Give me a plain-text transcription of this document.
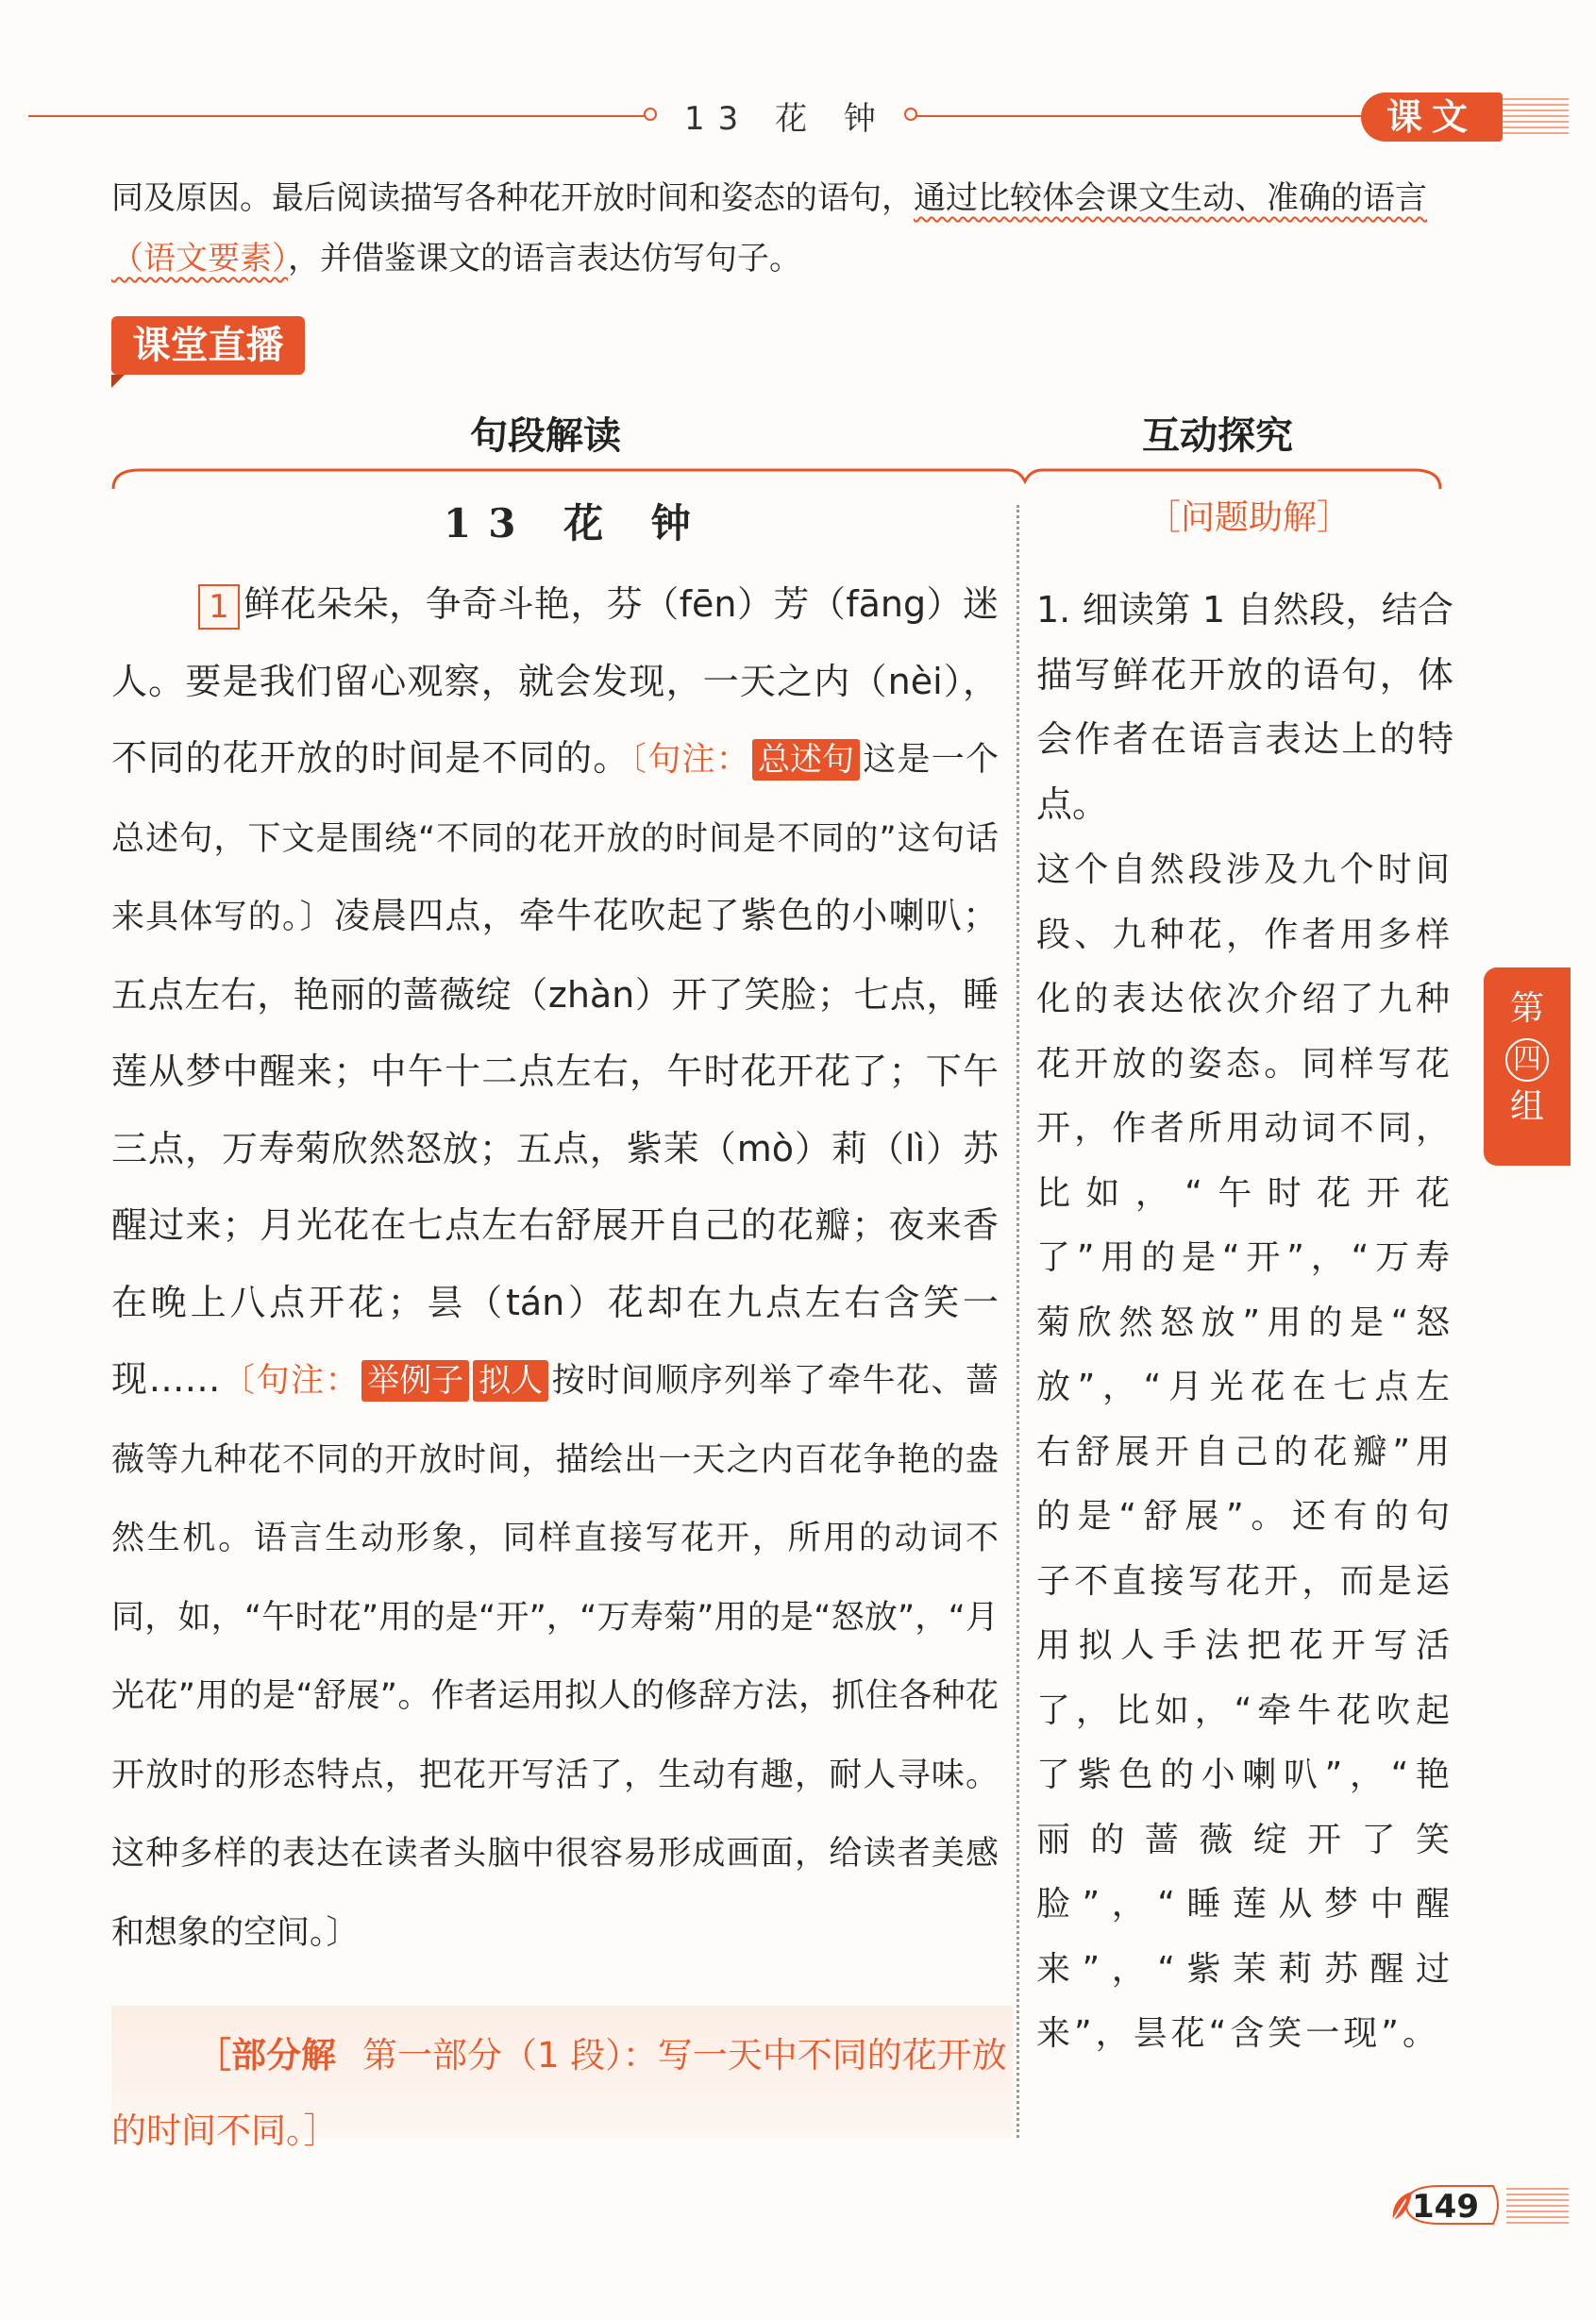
13 花 钟	课文
同及原因。最后阅读描写各种花开放时间和姿态的语句，通过比较体会课文生动、准确的语言
（语文要素），并借鉴课文的语言表达仿写句子。
课堂直播
句段解读	互动探究
13 花 钟
1 鲜花朵朵，争奇斗艳，芬（fēn）芳（fāng）迷人。要是我们留心观察，就会发现，一天之内（nèi），不同的花开放的时间是不同的。〔句注： 总述句 这是一个总述句，下文是围绕“不同的花开放的时间是不同的”这句话来具体写的。〕凌晨四点，牵牛花吹起了紫色的小喇叭；五点左右，艳丽的蔷薇绽（zhàn）开了笑脸；七点，睡莲从梦中醒来；中午十二点左右，午时花开花了；下午三点，万寿菊欣然怒放；五点，紫茉（mò）莉（lì）苏醒过来；月光花在七点左右舒展开自己的花瓣；夜来香在晚上八点开花；昙（tán）花却在九点左右含笑一现……〔句注： 举例子 拟人 按时间顺序列举了牵牛花、蔷薇等九种花不同的开放时间，描绘出一天之内百花争艳的盎然生机。语言生动形象，同样直接写花开，所用的动词不同，如，“午时花”用的是“开”，“万寿菊”用的是“怒放”，“月光花”用的是“舒展”。作者运用拟人的修辞方法，抓住各种花开放时的形态特点，把花开写活了，生动有趣，耐人寻味。这种多样的表达在读者头脑中很容易形成画面，给读者美感和想象的空间。〕
［部分解 第一部分（1 段）：写一天中不同的花开放的时间不同。］
［问题助解］
1. 细读第 1 自然段，结合描写鲜花开放的语句，体会作者在语言表达上的特点。
这个自然段涉及九个时间段、九种花，作者用多样化的表达依次介绍了九种花开放的姿态。同样写花开，作者所用动词不同，比如，“午时花开花了”用的是“开”，“万寿菊欣然怒放”用的是“怒放”，“月光花在七点左右舒展开自己的花瓣”用的是“舒展”。还有的句子不直接写花开，而是运用拟人手法把花开写活了，比如，“牵牛花吹起了紫色的小喇叭”，“艳丽的蔷薇绽开了笑脸”，“睡莲从梦中醒来”，“紫茉莉苏醒过来”，昙花“含笑一现”。
第
四
组
149
